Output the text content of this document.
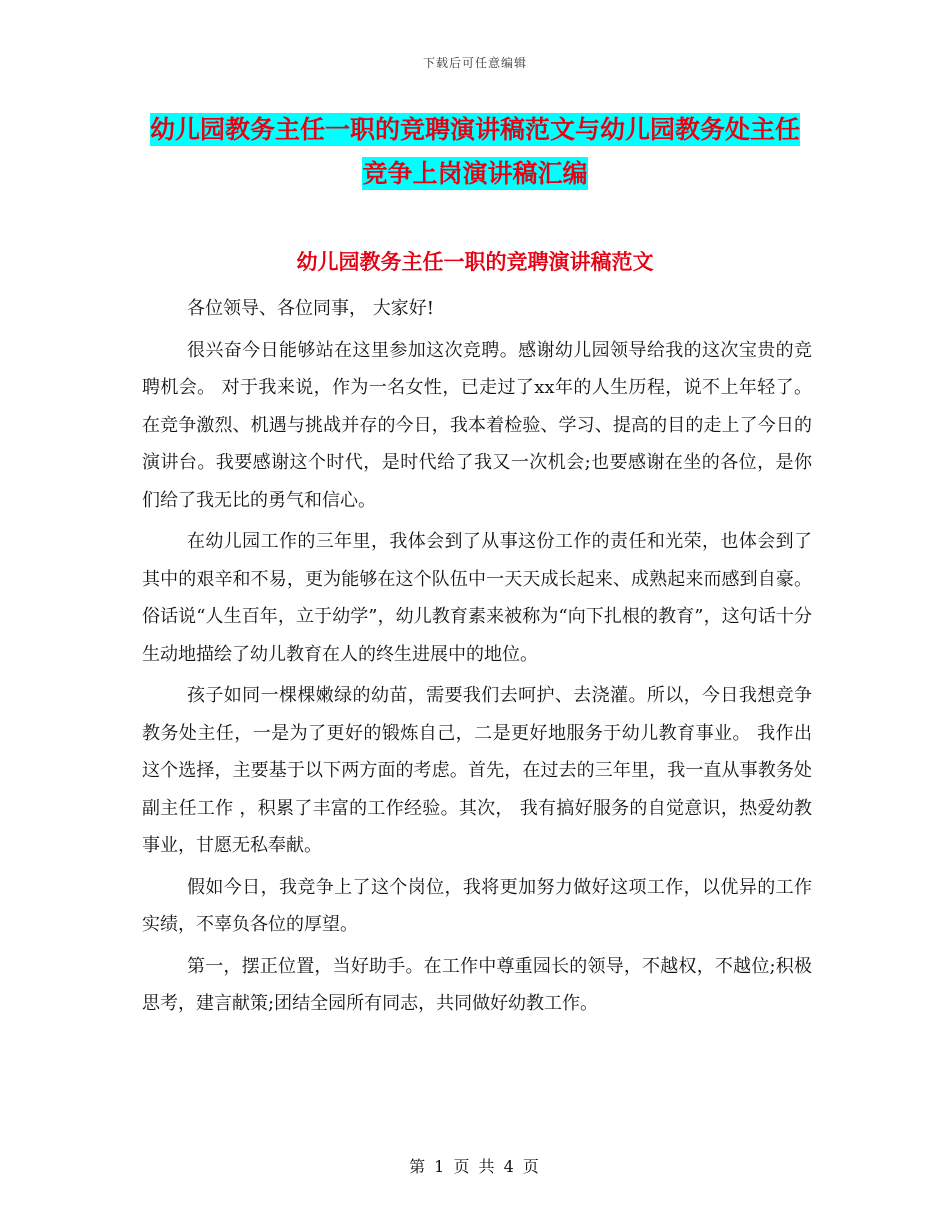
下载后可任意编辑
幼儿园教务主任一职的竞聘演讲稿范文与幼儿园教务处主任竞争上岗演讲稿汇编
幼儿园教务主任一职的竞聘演讲稿范文

各位领导、各位同事， 大家好!

很兴奋今日能够站在这里参加这次竞聘。感谢幼儿园领导给我的这次宝贵的竞聘机会。 对于我来说，作为一名女性，已走过了xx年的人生历程，说不上年轻了。在竞争激烈、机遇与挑战并存的今日，我本着检验、学习、提高的目的走上了今日的演讲台。我要感谢这个时代，是时代给了我又一次机会;也要感谢在坐的各位，是你们给了我无比的勇气和信心。

在幼儿园工作的三年里，我体会到了从事这份工作的责任和光荣，也体会到了其中的艰辛和不易，更为能够在这个队伍中一天天成长起来、成熟起来而感到自豪。俗话说“人生百年，立于幼学”，幼儿教育素来被称为“向下扎根的教育”，这句话十分生动地描绘了幼儿教育在人的终生进展中的地位。

孩子如同一棵棵嫩绿的幼苗，需要我们去呵护、去浇灌。所以，今日我想竞争教务处主任，一是为了更好的锻炼自己，二是更好地服务于幼儿教育事业。 我作出这个选择，主要基于以下两方面的考虑。首先，在过去的三年里，我一直从事教务处副主任工作 ，积累了丰富的工作经验。其次， 我有搞好服务的自觉意识，热爱幼教事业，甘愿无私奉献。

假如今日，我竞争上了这个岗位，我将更加努力做好这项工作，以优异的工作实绩，不辜负各位的厚望。

第一，摆正位置，当好助手。在工作中尊重园长的领导，不越权，不越位;积极思考，建言献策;团结全园所有同志，共同做好幼教工作。

第 1 页 共 4 页
